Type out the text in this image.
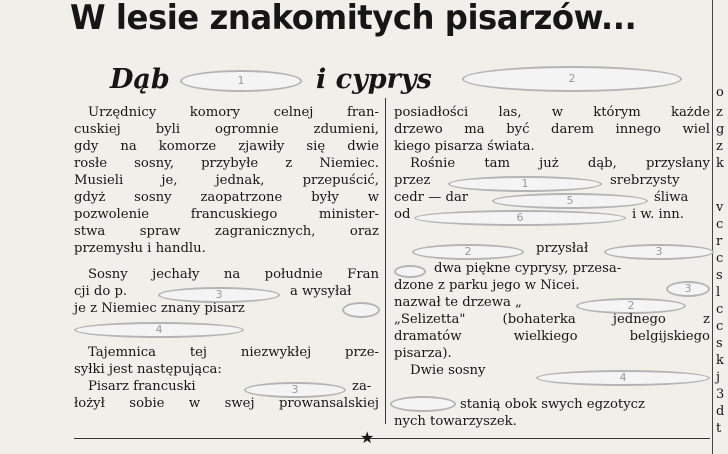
W lesie znakomitych pisarzów...
Dąb	1	i cyprys	2
Urzędnicy komory celnej fran-
cuskiej byli ogromnie zdumieni,
gdy na komorze zjawiły się dwie
rosłe sosny, przybyłe z Niemiec.
Musieli je, jednak, przepuścić,
gdyż sosny zaopatrzone były w
pozwolenie francuskiego minister-
stwa spraw zagranicznych, oraz
przemysłu i handlu.
Sosny jechały na południe Fran
cji do p.	3	a wysyłał
je z Niemiec znany pisarz
4
Tajemnica tej niezwykłej prze-
syłki jest następująca:
Pisarz francuski	3	za-
łożył sobie w swej prowansalskiej
posiadłości las, w którym każde
drzewo ma być darem innego wiel
kiego pisarza świata.
Rośnie tam już dąb, przysłany
przez	1	srebrzysty
cedr — dar	5	śliwa
od	6	i w. inn.
2	przysłał	3
dwa piękne cyprysy, przesa-
dzone z parku jego w Nicei.	3
nazwał te drzewa „	2
„Selizetta" (bohaterka jednego z
dramatów wielkiego belgijskiego
pisarza).
Dwie sosny	4
stanią obok swych egzotycz
nych towarzyszek.
o
z
g
z
k
v
c
r
c
s
l
c
c
s
k
j
3
d
t
★
